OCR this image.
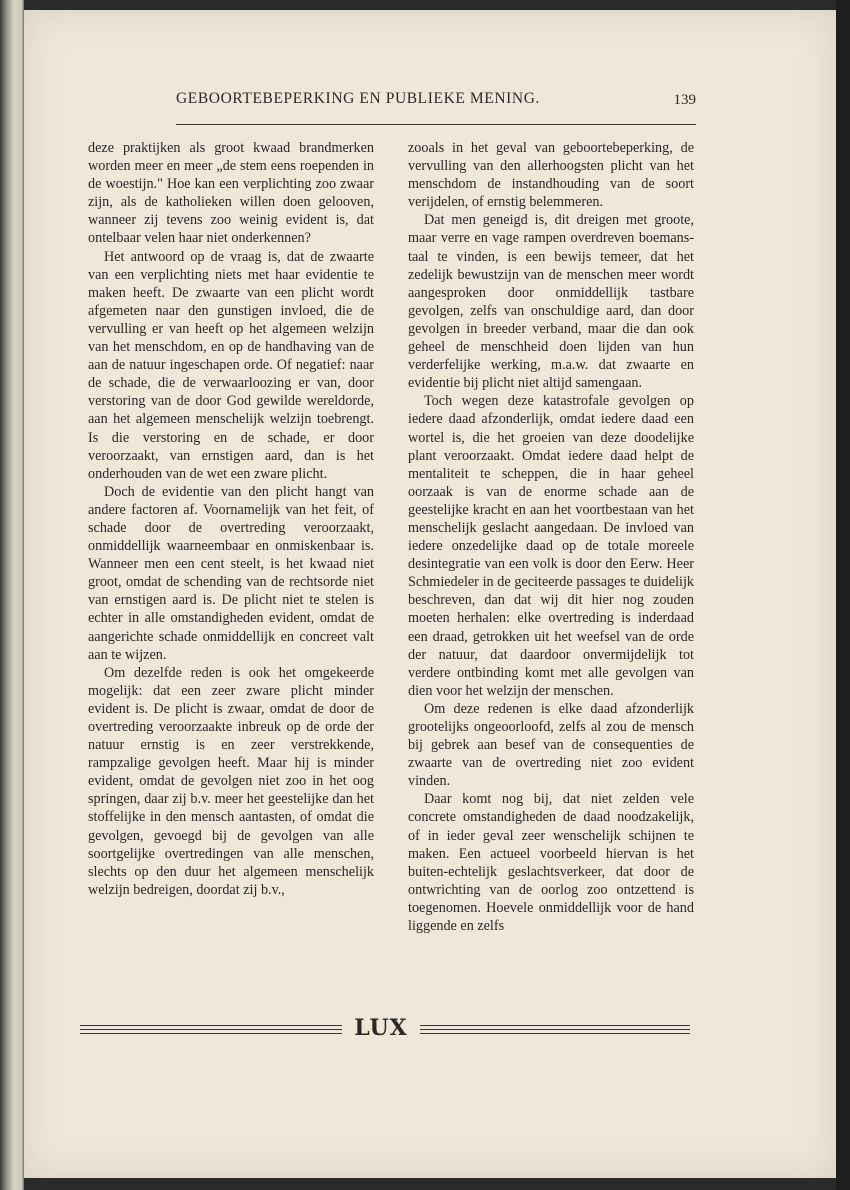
GEBOORTEBEPERKING EN PUBLIEKE MENING.	139

deze praktijken als groot kwaad brandmerken worden meer en meer „de stem eens roependen in de woestijn." Hoe kan een verplichting zoo zwaar zijn, als de katholieken willen doen gelooven, wanneer zij tevens zoo weinig evident is, dat ontelbaar velen haar niet onderkennen?

Het antwoord op de vraag is, dat de zwaarte van een verplichting niets met haar evidentie te maken heeft. De zwaarte van een plicht wordt afgemeten naar den gunstigen invloed, die de vervulling er van heeft op het algemeen welzijn van het menschdom, en op de handhaving van de aan de natuur ingeschapen orde. Of negatief: naar de schade, die de verwaarloozing er van, door verstoring van de door God gewilde wereldorde, aan het algemeen menschelijk welzijn toebrengt. Is die verstoring en de schade, er door veroorzaakt, van ernstigen aard, dan is het onderhouden van de wet een zware plicht.

Doch de evidentie van den plicht hangt van andere factoren af. Voornamelijk van het feit, of schade door de overtreding veroorzaakt, onmiddellijk waarneembaar en onmiskenbaar is. Wanneer men een cent steelt, is het kwaad niet groot, omdat de schending van de rechtsorde niet van ernstigen aard is. De plicht niet te stelen is echter in alle omstandigheden evident, omdat de aangerichte schade onmiddellijk en concreet valt aan te wijzen.

Om dezelfde reden is ook het omgekeerde mogelijk: dat een zeer zware plicht minder evident is. De plicht is zwaar, omdat de door de overtreding veroorzaakte inbreuk op de orde der natuur ernstig is en zeer verstrekkende, rampzalige gevolgen heeft. Maar hij is minder evident, omdat de gevolgen niet zoo in het oog springen, daar zij b.v. meer het geestelijke dan het stoffelijke in den mensch aantasten, of omdat die gevolgen, gevoegd bij de gevolgen van alle soortgelijke overtredingen van alle menschen, slechts op den duur het algemeen menschelijk welzijn bedreigen, doordat zij b.v.,

zooals in het geval van geboortebeperking, de vervulling van den allerhoogsten plicht van het menschdom de instandhouding van de soort verijdelen, of ernstig belemmeren.

Dat men geneigd is, dit dreigen met groote, maar verre en vage rampen overdreven boemans-taal te vinden, is een bewijs temeer, dat het zedelijk bewustzijn van de menschen meer wordt aangesproken door onmiddellijk tastbare gevolgen, zelfs van onschuldige aard, dan door gevolgen in breeder verband, maar die dan ook geheel de menschheid doen lijden van hun verderfelijke werking, m.a.w. dat zwaarte en evidentie bij plicht niet altijd samengaan.

Toch wegen deze katastrofale gevolgen op iedere daad afzonderlijk, omdat iedere daad een wortel is, die het groeien van deze doodelijke plant veroorzaakt. Omdat iedere daad helpt de mentaliteit te scheppen, die in haar geheel oorzaak is van de enorme schade aan de geestelijke kracht en aan het voortbestaan van het menschelijk geslacht aangedaan. De invloed van iedere onzedelijke daad op de totale moreele desintegratie van een volk is door den Eerw. Heer Schmiedeler in de geciteerde passages te duidelijk beschreven, dan dat wij dit hier nog zouden moeten herhalen: elke overtreding is inderdaad een draad, getrokken uit het weefsel van de orde der natuur, dat daardoor onvermijdelijk tot verdere ontbinding komt met alle gevolgen van dien voor het welzijn der menschen.

Om deze redenen is elke daad afzonderlijk grootelijks ongeoorloofd, zelfs al zou de mensch bij gebrek aan besef van de consequenties de zwaarte van de overtreding niet zoo evident vinden.

Daar komt nog bij, dat niet zelden vele concrete omstandigheden de daad noodzakelijk, of in ieder geval zeer wenschelijk schijnen te maken. Een actueel voorbeeld hiervan is het buiten-echtelijk geslachtsverkeer, dat door de ontwrichting van de oorlog zoo ontzettend is toegenomen. Hoevele onmiddellijk voor de hand liggende en zelfs

LUX
